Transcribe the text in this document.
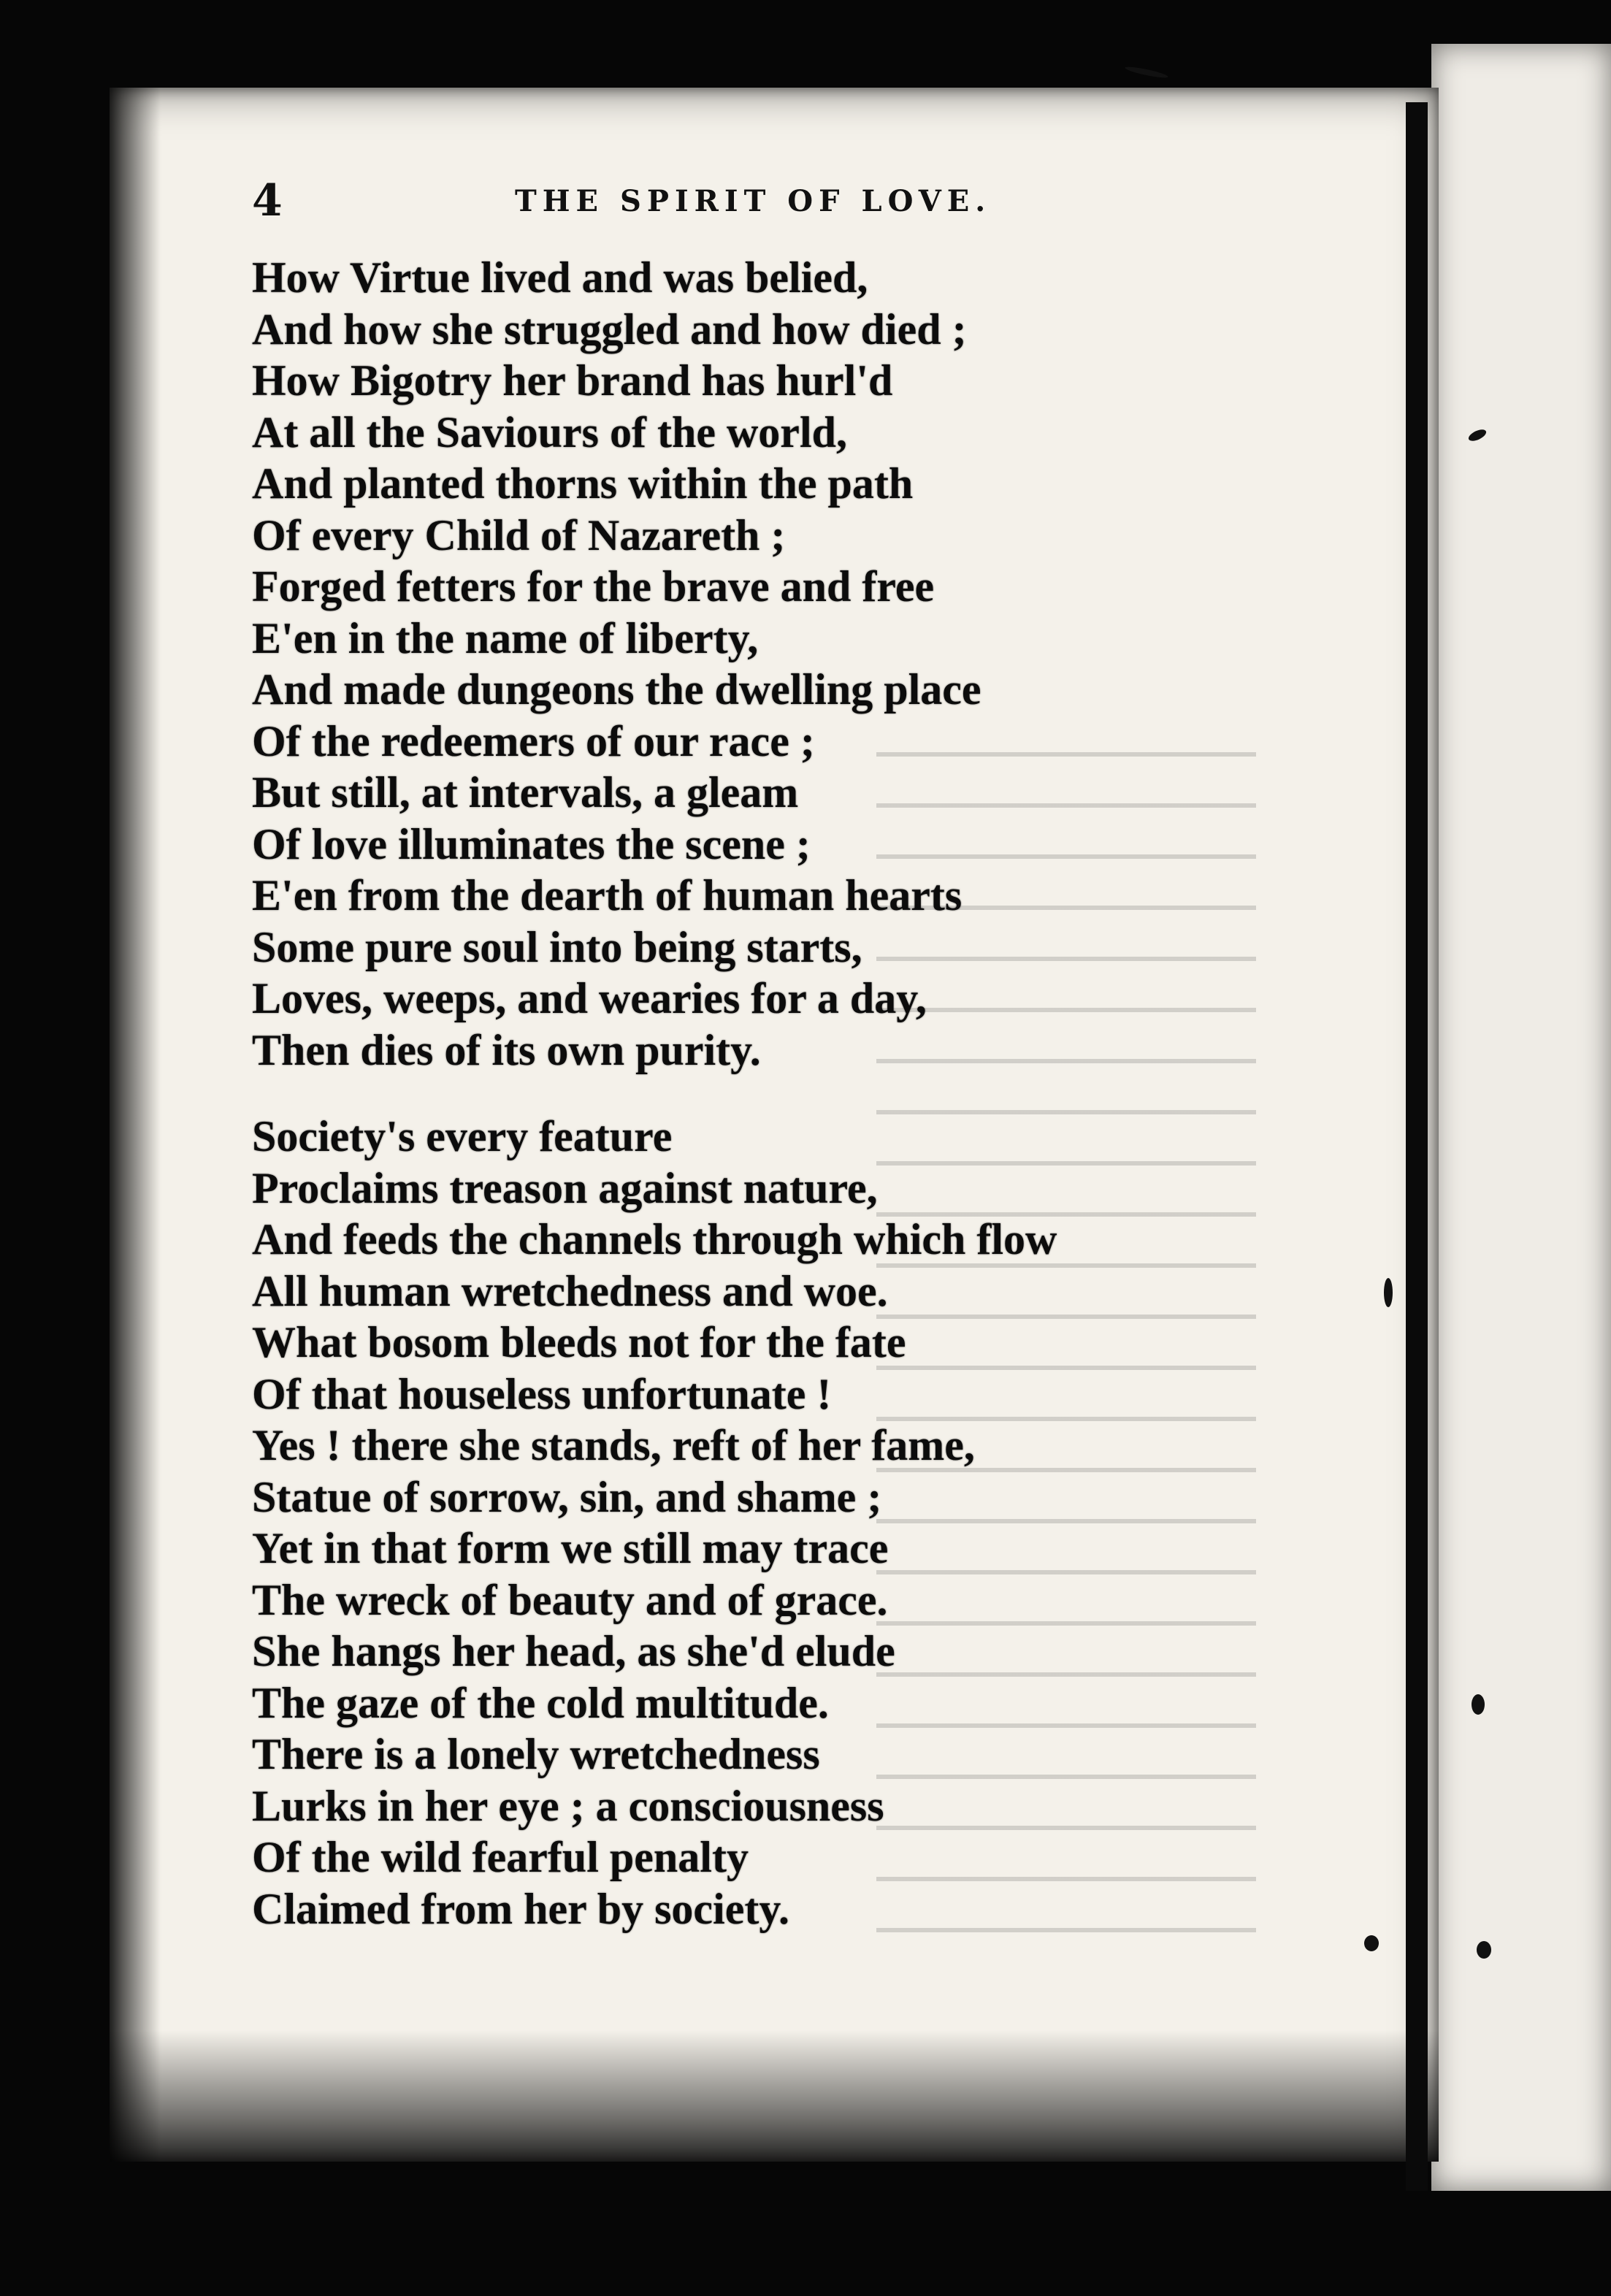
4	THE SPIRIT OF LOVE.
How Virtue lived and was belied,
And how she struggled and how died ;
How Bigotry her brand has hurl'd
At all the Saviours of the world,
And planted thorns within the path
Of every Child of Nazareth ;
Forged fetters for the brave and free
E'en in the name of liberty,
And made dungeons the dwelling place
Of the redeemers of our race ;
But still, at intervals, a gleam
Of love illuminates the scene ;
E'en from the dearth of human hearts
Some pure soul into being starts,
Loves, weeps, and wearies for a day,
Then dies of its own purity.
Society's every feature
Proclaims treason against nature,
And feeds the channels through which flow
All human wretchedness and woe.
What bosom bleeds not for the fate
Of that houseless unfortunate !
Yes ! there she stands, reft of her fame,
Statue of sorrow, sin, and shame ;
Yet in that form we still may trace
The wreck of beauty and of grace.
She hangs her head, as she'd elude
The gaze of the cold multitude.
There is a lonely wretchedness
Lurks in her eye ; a consciousness
Of the wild fearful penalty
Claimed from her by society.
